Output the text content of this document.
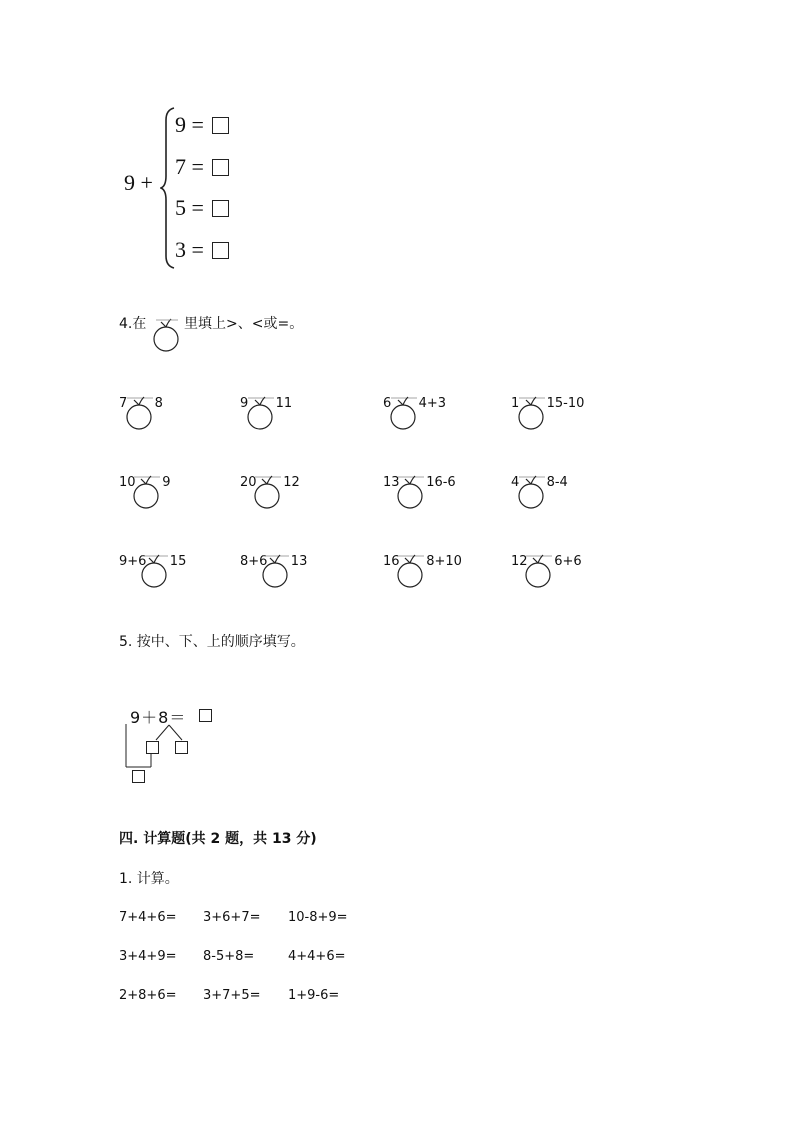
9 +
9 =
7 =
5 =
3 =
4.在	里填上>、<或=。
7 8	9 11	6 4+3	1 15-10
10 9	20 12	13 16-6	4 8-4
9+6 15	8+6 13	16 8+10	12 6+6
5. 按中、下、上的顺序填写。
9＋8＝
四. 计算题(共 2 题，共 13 分)
1. 计算。
7+4+6= 3+6+7= 10-8+9=
3+4+9= 8-5+8=	4+4+6=
2+8+6= 3+7+5= 1+9-6=
